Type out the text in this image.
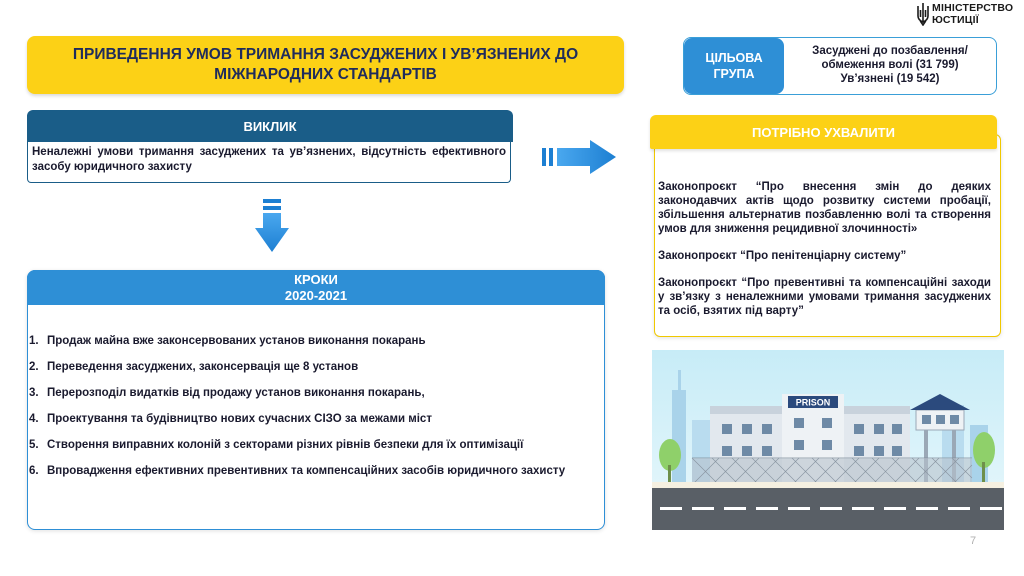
МІНІСТЕРСТВО
ЮСТИЦІЇ
ПРИВЕДЕННЯ УМОВ ТРИМАННЯ ЗАСУДЖЕНИХ І УВ’ЯЗНЕНИХ ДО МІЖНАРОДНИХ СТАНДАРТІВ
ЦІЛЬОВА ГРУПА
Засуджені до позбавлення/ обмеження волі (31 799)
Ув’язнені (19 542)
ВИКЛИК
Неналежні умови тримання засуджених та ув’язнених, відсутність ефективного засобу юридичного захисту
КРОКИ
2020-2021
1. Продаж майна вже законсервованих установ виконання покарань
2. Переведення засуджених, законсервація ще 8 установ
3. Перерозподіл видатків від продажу установ виконання покарань,
4. Проектування та будівництво нових сучасних СІЗО за межами міст
5. Створення виправних колоній з секторами різних рівнів безпеки для їх оптимізації
6. Впровадження ефективних превентивних та компенсаційних засобів юридичного захисту
ПОТРІБНО УХВАЛИТИ

Законопроєкт “Про внесення змін до деяких законодавчих актів щодо розвитку системи пробації, збільшення альтернатив позбавленню волі та створення умов для зниження рецидивної злочинності»

Законопроєкт “Про пенітенціарну систему”

Законопроєкт “Про превентивні та компенсаційні заходи у зв’язку з неналежними умовами тримання засуджених та осіб, взятих під варту”

PRISON
7
